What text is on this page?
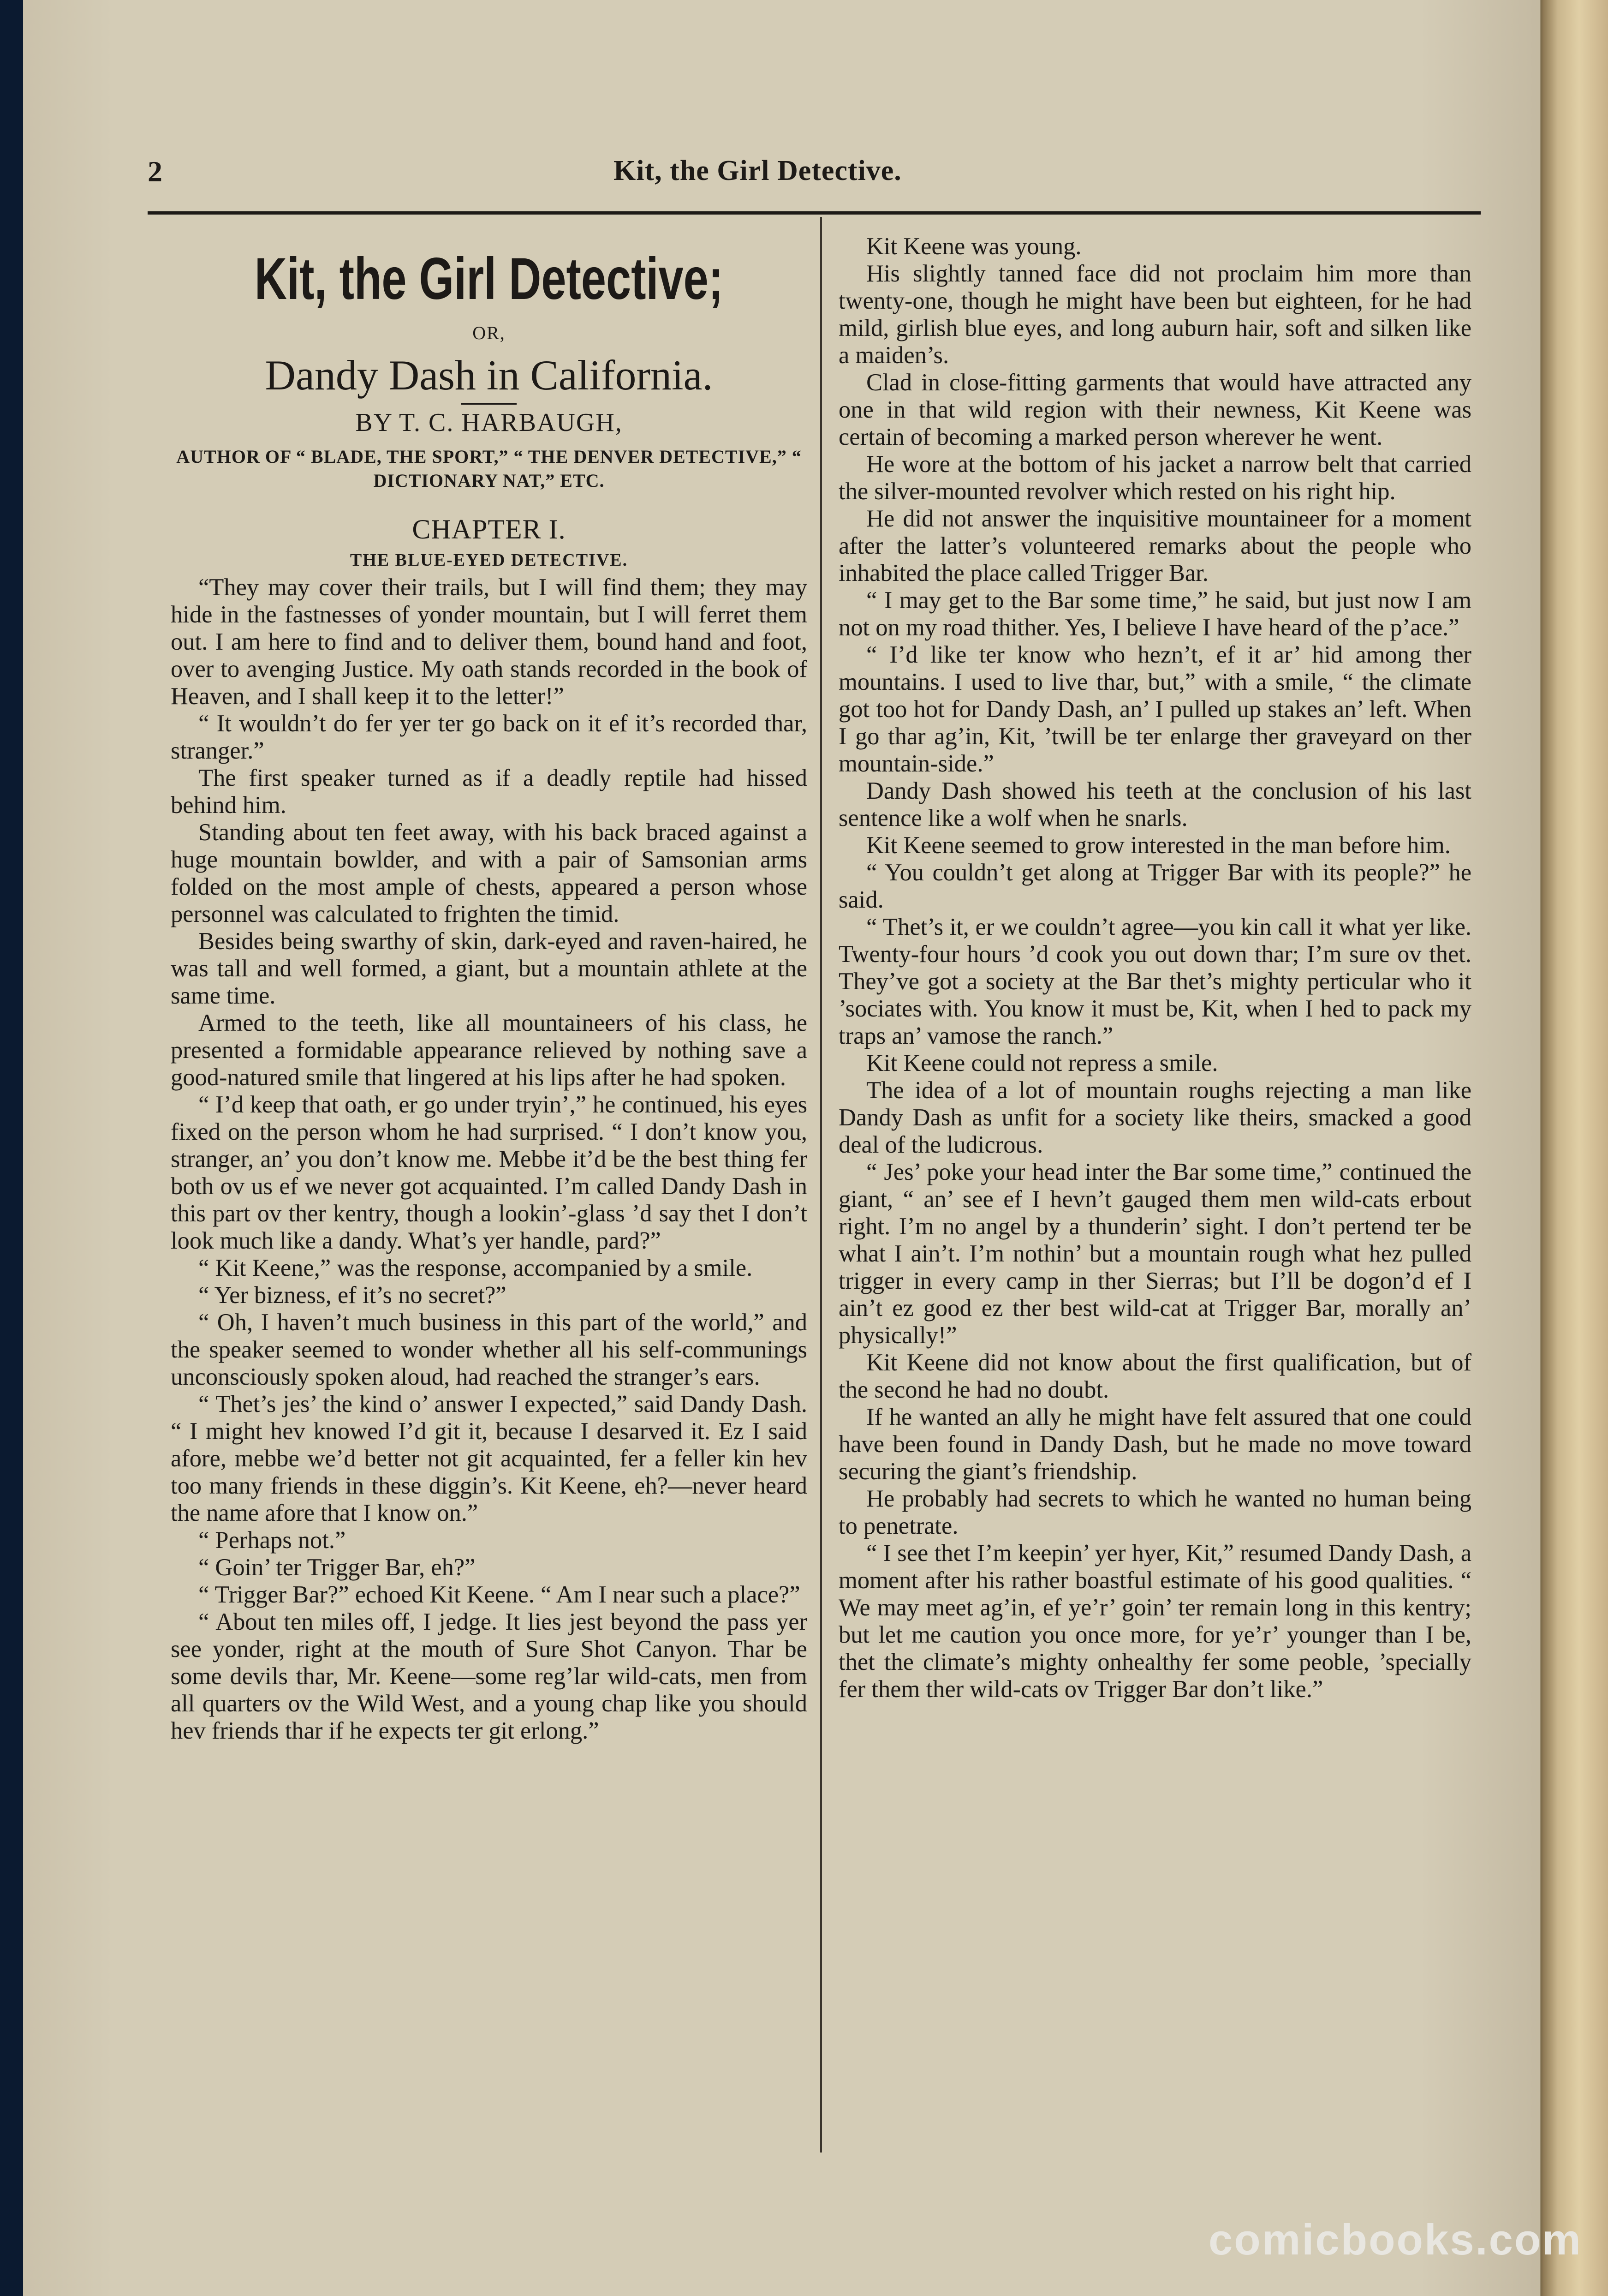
2	Kit, the Girl Detective.
Kit, the Girl Detective;
OR,
Dandy Dash in California.
BY T. C. HARBAUGH,
AUTHOR OF “ BLADE, THE SPORT,” “ THE DENVER DETECTIVE,” “ DICTIONARY NAT,” ETC.
CHAPTER I.
THE BLUE-EYED DETECTIVE.

“They may cover their trails, but I will find them; they may hide in the fastnesses of yonder mountain, but I will ferret them out. I am here to find and to deliver them, bound hand and foot, over to avenging Justice. My oath stands recorded in the book of Heaven, and I shall keep it to the letter!”

“ It wouldn’t do fer yer ter go back on it ef it’s recorded thar, stranger.”

The first speaker turned as if a deadly reptile had hissed behind him.

Standing about ten feet away, with his back braced against a huge mountain bowlder, and with a pair of Samsonian arms folded on the most ample of chests, appeared a person whose personnel was calculated to frighten the timid.

Besides being swarthy of skin, dark-eyed and raven-haired, he was tall and well formed, a giant, but a mountain athlete at the same time.

Armed to the teeth, like all mountaineers of his class, he presented a formidable appearance relieved by nothing save a good-natured smile that lingered at his lips after he had spoken.

“ I’d keep that oath, er go under tryin’,” he continued, his eyes fixed on the person whom he had surprised. “ I don’t know you, stranger, an’ you don’t know me. Mebbe it’d be the best thing fer both ov us ef we never got acquainted. I’m called Dandy Dash in this part ov ther kentry, though a lookin’-glass ’d say thet I don’t look much like a dandy. What’s yer handle, pard?”

“ Kit Keene,” was the response, accompanied by a smile.

“ Yer bizness, ef it’s no secret?”

“ Oh, I haven’t much business in this part of the world,” and the speaker seemed to wonder whether all his self-communings unconsciously spoken aloud, had reached the stranger’s ears.

“ Thet’s jes’ the kind o’ answer I expected,” said Dandy Dash. “ I might hev knowed I’d git it, because I desarved it. Ez I said afore, mebbe we’d better not git acquainted, fer a feller kin hev too many friends in these diggin’s. Kit Keene, eh?—never heard the name afore that I know on.”

“ Perhaps not.”

“ Goin’ ter Trigger Bar, eh?”

“ Trigger Bar?” echoed Kit Keene. “ Am I near such a place?”

“ About ten miles off, I jedge. It lies jest beyond the pass yer see yonder, right at the mouth of Sure Shot Canyon. Thar be some devils thar, Mr. Keene—some reg’lar wild-cats, men from all quarters ov the Wild West, and a young chap like you should hev friends thar if he expects ter git erlong.”

Kit Keene was young.

His slightly tanned face did not proclaim him more than twenty-one, though he might have been but eighteen, for he had mild, girlish blue eyes, and long auburn hair, soft and silken like a maiden’s.

Clad in close-fitting garments that would have attracted any one in that wild region with their newness, Kit Keene was certain of becoming a marked person wherever he went.

He wore at the bottom of his jacket a narrow belt that carried the silver-mounted revolver which rested on his right hip.

He did not answer the inquisitive mountaineer for a moment after the latter’s volunteered remarks about the people who inhabited the place called Trigger Bar.

“ I may get to the Bar some time,” he said, but just now I am not on my road thither. Yes, I believe I have heard of the p’ace.”

“ I’d like ter know who hezn’t, ef it ar’ hid among ther mountains. I used to live thar, but,” with a smile, “ the climate got too hot for Dandy Dash, an’ I pulled up stakes an’ left. When I go thar ag’in, Kit, ’twill be ter enlarge ther graveyard on ther mountain-side.”

Dandy Dash showed his teeth at the conclusion of his last sentence like a wolf when he snarls.

Kit Keene seemed to grow interested in the man before him.

“ You couldn’t get along at Trigger Bar with its people?” he said.

“ Thet’s it, er we couldn’t agree—you kin call it what yer like. Twenty-four hours ’d cook you out down thar; I’m sure ov thet. They’ve got a society at the Bar thet’s mighty perticular who it ’sociates with. You know it must be, Kit, when I hed to pack my traps an’ vamose the ranch.”

Kit Keene could not repress a smile.

The idea of a lot of mountain roughs rejecting a man like Dandy Dash as unfit for a society like theirs, smacked a good deal of the ludicrous.

“ Jes’ poke your head inter the Bar some time,” continued the giant, “ an’ see ef I hevn’t gauged them men wild-cats erbout right. I’m no angel by a thunderin’ sight. I don’t pertend ter be what I ain’t. I’m nothin’ but a mountain rough what hez pulled trigger in every camp in ther Sierras; but I’ll be dogon’d ef I ain’t ez good ez ther best wild-cat at Trigger Bar, morally an’ physically!”

Kit Keene did not know about the first qualification, but of the second he had no doubt.

If he wanted an ally he might have felt assured that one could have been found in Dandy Dash, but he made no move toward securing the giant’s friendship.

He probably had secrets to which he wanted no human being to penetrate.

“ I see thet I’m keepin’ yer hyer, Kit,” resumed Dandy Dash, a moment after his rather boastful estimate of his good qualities. “ We may meet ag’in, ef ye’r’ goin’ ter remain long in this kentry; but let me caution you once more, for ye’r’ younger than I be, thet the climate’s mighty onhealthy fer some peoble, ’specially fer them ther wild-cats ov Trigger Bar don’t like.”

comicbooks.com
